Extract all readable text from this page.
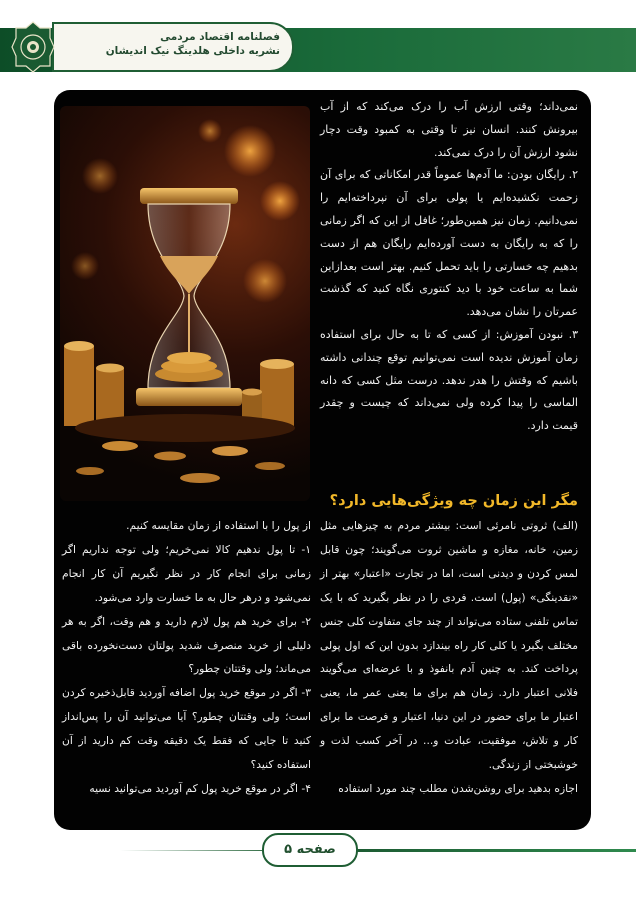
فصلنامه اقتصاد مردمی
نشریه داخلی هلدینگ نیک اندیشان

نمی‌داند؛ وقتی ارزش آب را درک می‌کند که از آب بیرونش کنند. انسان نیز تا وقتی به کمبود وقت دچار نشود ارزش آن را درک نمی‌کند.

۲. رایگان بودن: ما آدم‌ها عموماً قدر امکاناتی که برای آن زحمت نکشیده‌ایم یا پولی برای آن نپرداخته‌ایم را نمی‌دانیم. زمان نیز همین‌طور؛ غافل از این که اگر زمانی را که به رایگان به دست آورده‌ایم رایگان هم از دست بدهیم چه خسارتی را باید تحمل کنیم. بهتر است بعدازاین شما به ساعت خود با دید کنتوری نگاه کنید که گذشت عمرتان را نشان می‌دهد.

۳. نبودن آموزش: از کسی که تا به حال برای استفاده زمان آموزش ندیده است نمی‌توانیم توقع چندانی داشته باشیم که وقتش را هدر ندهد. درست مثل کسی که دانه الماسی را پیدا کرده ولی نمی‌داند که چیست و چقدر قیمت دارد.

مگر این زمان چه ویژگی‌هایی دارد؟

(الف) ثروتی نامرئی است: بیشتر مردم به چیزهایی مثل زمین، خانه، مغازه و ماشین ثروت می‌گویند؛ چون قابل لمس کردن و دیدنی است، اما در تجارت «اعتبار» بهتر از «نقدینگی» (پول) است. فردی را در نظر بگیرید که با یک تماس تلفنی ستاده می‌تواند از چند جای متفاوت کلی جنس مختلف بگیرد یا کلی کار راه بیندازد بدون این که اول پولی پرداخت کند. به چنین آدم بانفوذ و با عرضه‌ای می‌گویند فلانی اعتبار دارد. زمان هم برای ما یعنی عمر ما، یعنی اعتبار ما برای حضور در این دنیا، اعتبار و فرصت ما برای کار و تلاش، موفقیت، عبادت و... در آخر کسب لذت و خوشبختی از زندگی.

اجازه بدهید برای روشن‌شدن مطلب چند مورد استفاده

از پول را با استفاده از زمان مقایسه کنیم.

۱- تا پول ندهیم کالا نمی‌خریم؛ ولی توجه نداریم اگر زمانی برای انجام کار در نظر نگیریم آن کار انجام نمی‌شود و درهر حال به ما خسارت وارد می‌شود.

۲- برای خرید هم پول لازم دارید و هم وقت، اگر به هر دلیلی از خرید منصرف شدید پولتان دست‌نخورده باقی می‌ماند؛ ولی وقتتان چطور؟

۳- اگر در موقع خرید پول اضافه آوردید قابل‌ذخیره کردن است؛ ولی وقتتان چطور؟ آیا می‌توانید آن را پس‌انداز کنید تا جایی که فقط یک دقیقه وقت کم دارید از آن استفاده کنید؟

۴- اگر در موقع خرید پول کم آوردید می‌توانید نسیه

صفحه ۵
